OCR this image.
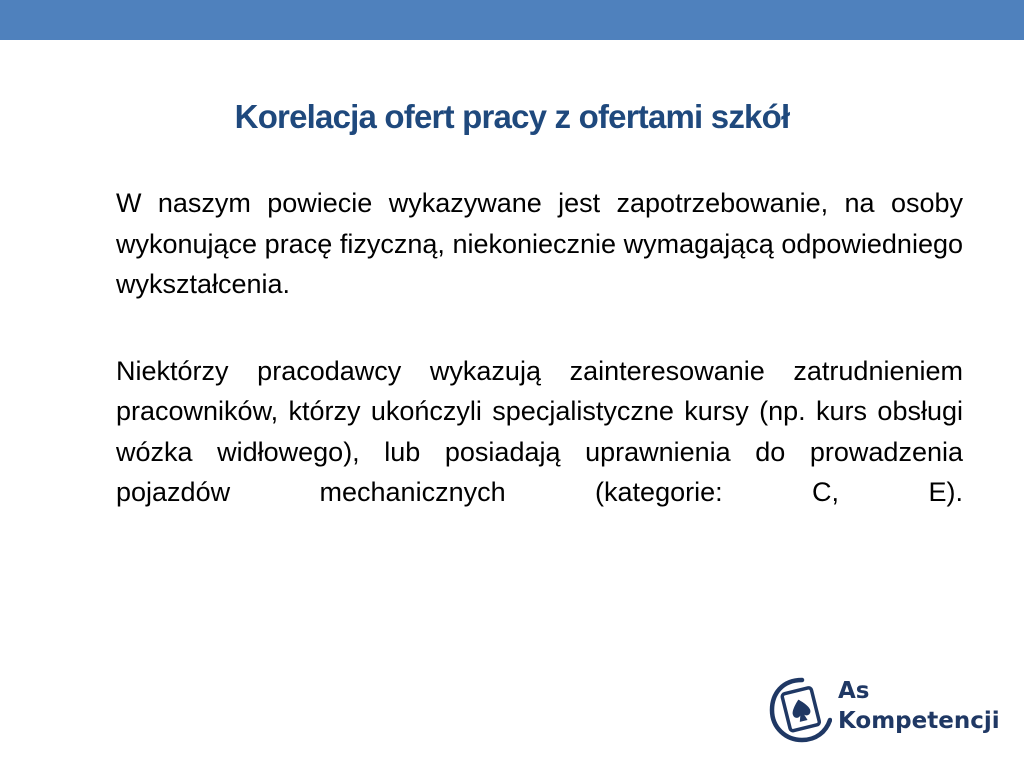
Korelacja ofert pracy z ofertami szkół

W naszym powiecie wykazywane jest zapotrzebowanie, na osoby wykonujące pracę fizyczną, niekoniecznie wymagającą odpowiedniego wykształcenia.

Niektórzy pracodawcy wykazują zainteresowanie zatrudnieniem pracowników, którzy ukończyli specjalistyczne kursy (np. kurs obsługi wózka widłowego), lub posiadają uprawnienia do prowadzenia pojazdów mechanicznych (kategorie: C, E).

As
Kompetencji
